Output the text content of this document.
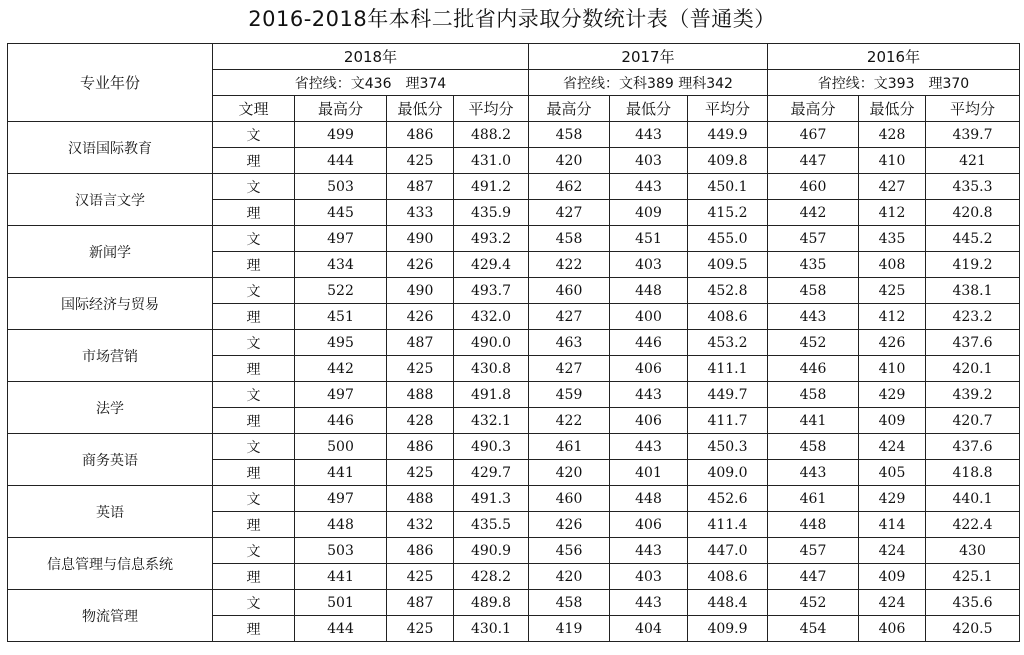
2016-2018年本科二批省内录取分数统计表（普通类）
专业年份	2018年				2017年			2016年		
	省控线：文436　理374				省控线：文科389 理科342			省控线：文393　理370		
	文理	最高分	最低分	平均分	最高分	最低分	平均分	最高分	最低分	平均分
汉语国际教育	文	499	486	488.2	458	443	449.9	467	428	439.7
	理	444	425	431.0	420	403	409.8	447	410	421
汉语言文学	文	503	487	491.2	462	443	450.1	460	427	435.3
	理	445	433	435.9	427	409	415.2	442	412	420.8
新闻学	文	497	490	493.2	458	451	455.0	457	435	445.2
	理	434	426	429.4	422	403	409.5	435	408	419.2
国际经济与贸易	文	522	490	493.7	460	448	452.8	458	425	438.1
	理	451	426	432.0	427	400	408.6	443	412	423.2
市场营销	文	495	487	490.0	463	446	453.2	452	426	437.6
	理	442	425	430.8	427	406	411.1	446	410	420.1
法学	文	497	488	491.8	459	443	449.7	458	429	439.2
	理	446	428	432.1	422	406	411.7	441	409	420.7
商务英语	文	500	486	490.3	461	443	450.3	458	424	437.6
	理	441	425	429.7	420	401	409.0	443	405	418.8
英语	文	497	488	491.3	460	448	452.6	461	429	440.1
	理	448	432	435.5	426	406	411.4	448	414	422.4
信息管理与信息系统	文	503	486	490.9	456	443	447.0	457	424	430
	理	441	425	428.2	420	403	408.6	447	409	425.1
物流管理	文	501	487	489.8	458	443	448.4	452	424	435.6
	理	444	425	430.1	419	404	409.9	454	406	420.5
